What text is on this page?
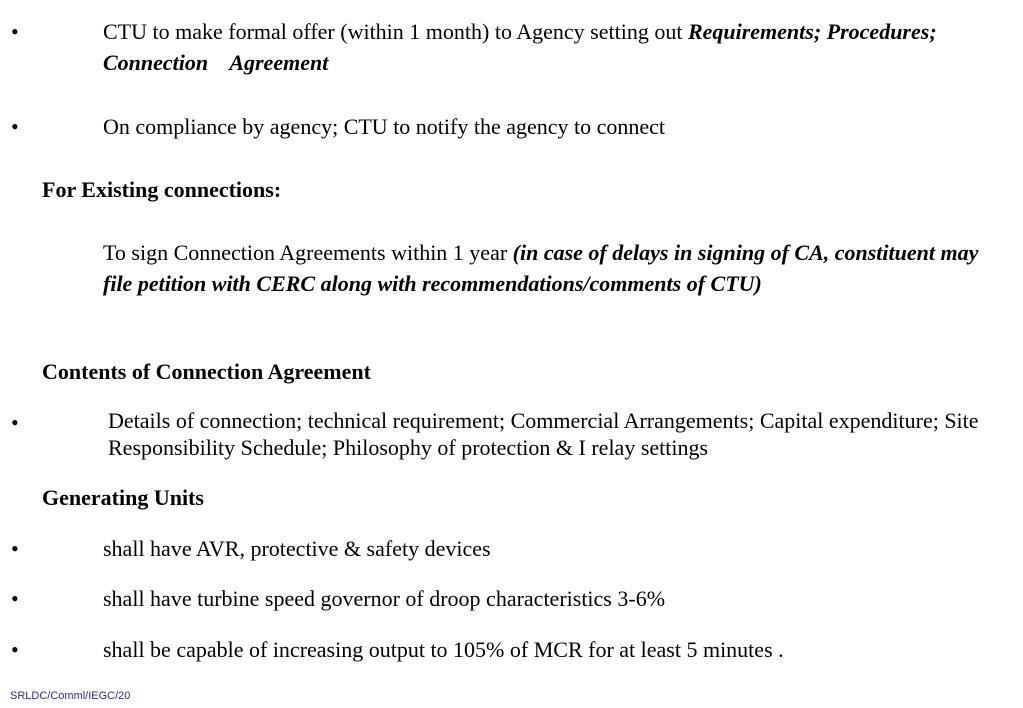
•	CTU to make formal offer (within 1 month) to Agency setting out Requirements; Procedures; Connection    Agreement
•	On compliance by agency; CTU to notify the agency to connect
For Existing connections:
To sign Connection Agreements within 1 year (in case of delays in signing of CA, constituent may file petition with CERC along with recommendations/comments of CTU)
Contents of Connection Agreement
•	Details of connection; technical requirement; Commercial Arrangements; Capital expenditure; Site Responsibility Schedule; Philosophy of protection & I relay settings
Generating Units
•	shall have AVR, protective & safety devices
•	shall have turbine speed governor of droop characteristics 3-6%
•	shall be capable of increasing output to 105% of MCR for at least 5 minutes .
SRLDC/Comml/IEGC/20
